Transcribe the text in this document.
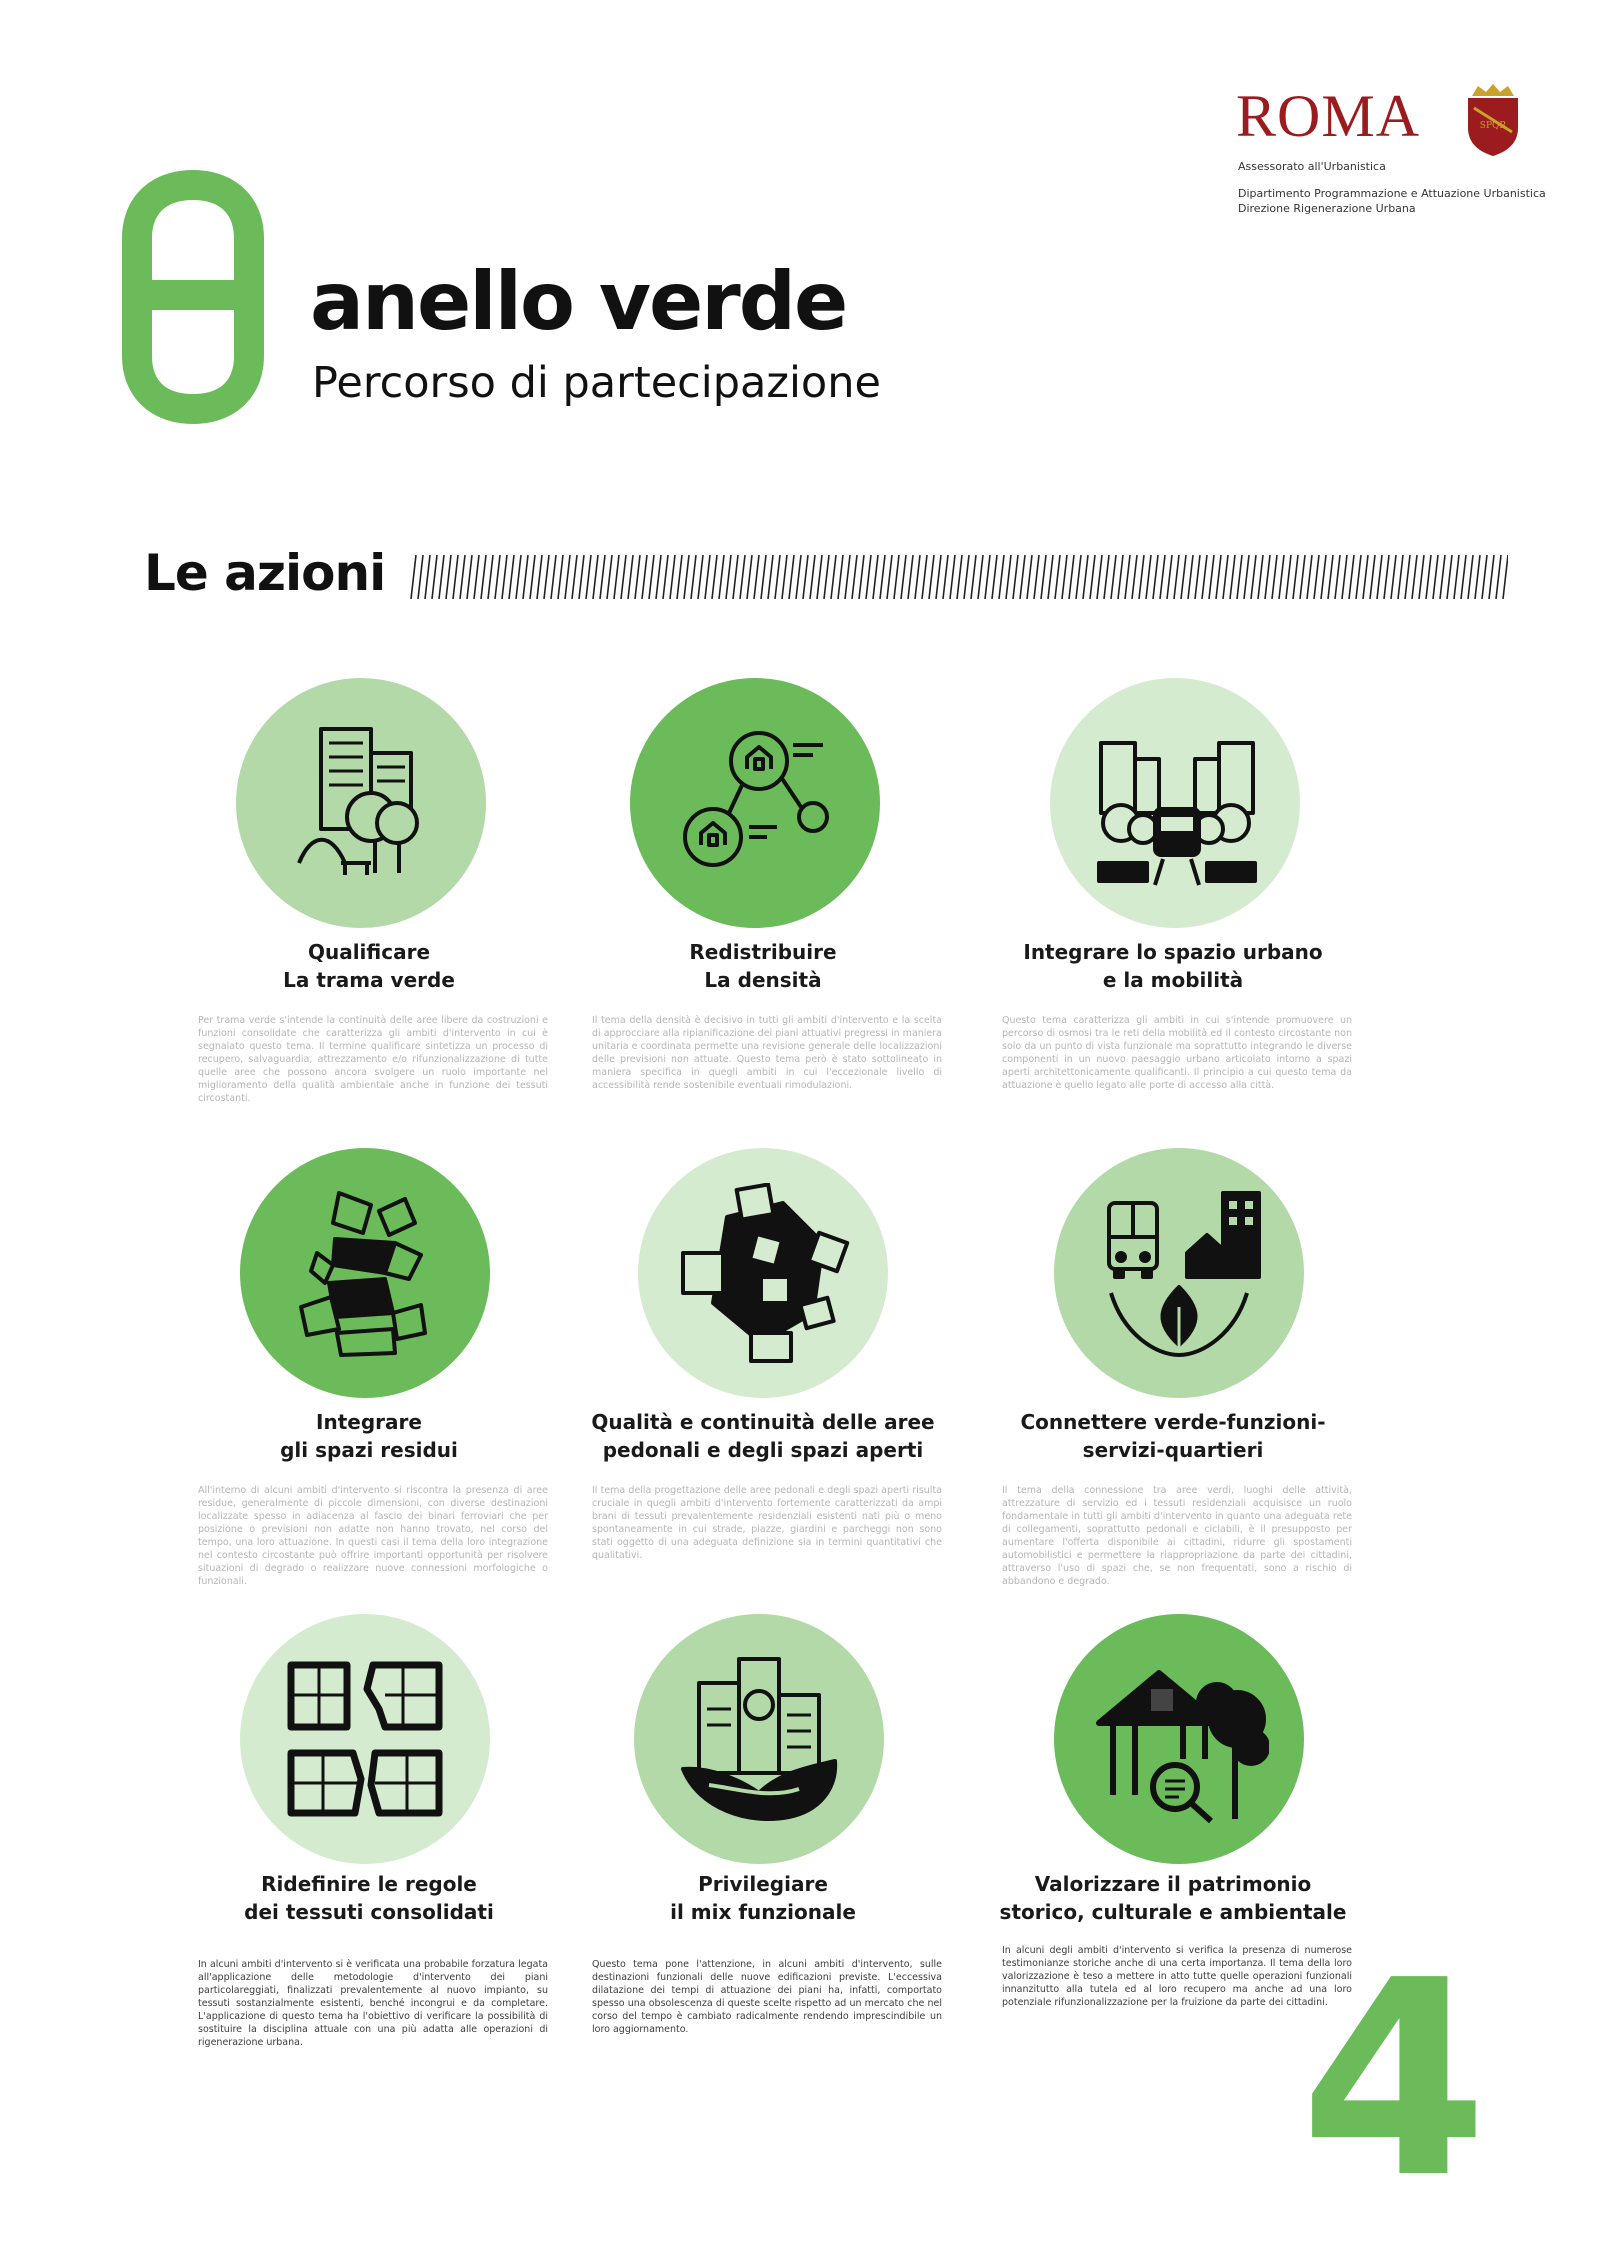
anello verde
Percorso di partecipazione
ROMA	SPQR
Assessorato all'Urbanistica
Dipartimento Programmazione e Attuazione Urbanistica
Direzione Rigenerazione Urbana
Le azioni
Qualificare
La trama verde
Per trama verde s'intende la continuità delle aree libere da costruzioni e funzioni consolidate che caratterizza gli ambiti d'intervento in cui è segnalato questo tema. Il termine qualificare sintetizza un processo di recupero, salvaguardia, attrezzamento e/o rifunzionalizzazione di tutte quelle aree che possono ancora svolgere un ruolo importante nel miglioramento della qualità ambientale anche in funzione dei tessuti circostanti.
Redistribuire
La densità
Il tema della densità è decisivo in tutti gli ambiti d'intervento e la scelta di approcciare alla ripianificazione dei piani attuativi pregressi in maniera unitaria e coordinata permette una revisione generale delle localizzazioni delle previsioni non attuate. Questo tema però è stato sottolineato in maniera specifica in quegli ambiti in cui l'eccezionale livello di accessibilità rende sostenibile eventuali rimodulazioni.
Integrare lo spazio urbano
e la mobilità
Questo tema caratterizza gli ambiti in cui s'intende promuovere un percorso di osmosi tra le reti della mobilità ed il contesto circostante non solo da un punto di vista funzionale ma soprattutto integrando le diverse componenti in un nuovo paesaggio urbano articolato intorno a spazi aperti architettonicamente qualificanti. Il principio a cui questo tema da attuazione è quello legato alle porte di accesso alla città.
Integrare
gli spazi residui
All'interno di alcuni ambiti d'intervento si riscontra la presenza di aree residue, generalmente di piccole dimensioni, con diverse destinazioni localizzate spesso in adiacenza al fascio dei binari ferroviari che per posizione o previsioni non adatte non hanno trovato, nel corso del tempo, una loro attuazione. In questi casi il tema della loro integrazione nel contesto circostante può offrire importanti opportunità per risolvere situazioni di degrado o realizzare nuove connessioni morfologiche o funzionali.
Qualità e continuità delle aree
pedonali e degli spazi aperti
Il tema della progettazione delle aree pedonali e degli spazi aperti risulta cruciale in quegli ambiti d'intervento fortemente caratterizzati da ampi brani di tessuti prevalentemente residenziali esistenti nati più o meno spontaneamente in cui strade, piazze, giardini e parcheggi non sono stati oggetto di una adeguata definizione sia in termini quantitativi che qualitativi.
Connettere verde-funzioni-
servizi-quartieri
Il tema della connessione tra aree verdi, luoghi delle attività, attrezzature di servizio ed i tessuti residenziali acquisisce un ruolo fondamentale in tutti gli ambiti d'intervento in quanto una adeguata rete di collegamenti, soprattutto pedonali e ciclabili, è il presupposto per aumentare l'offerta disponibile ai cittadini, ridurre gli spostamenti automobilistici e permettere la riappropriazione da parte dei cittadini, attraverso l'uso di spazi che, se non frequentati, sono a rischio di abbandono e degrado.
Ridefinire le regole
dei tessuti consolidati
In alcuni ambiti d'intervento si è verificata una probabile forzatura legata all'applicazione delle metodologie d'intervento dei piani particolareggiati, finalizzati prevalentemente al nuovo impianto, su tessuti sostanzialmente esistenti, benché incongrui e da completare. L'applicazione di questo tema ha l'obiettivo di verificare la possibilità di sostituire la disciplina attuale con una più adatta alle operazioni di rigenerazione urbana.
Privilegiare
il mix funzionale
Questo tema pone l'attenzione, in alcuni ambiti d'intervento, sulle destinazioni funzionali delle nuove edificazioni previste. L'eccessiva dilatazione dei tempi di attuazione dei piani ha, infatti, comportato spesso una obsolescenza di queste scelte rispetto ad un mercato che nel corso del tempo è cambiato radicalmente rendendo imprescindibile un loro aggiornamento.
Valorizzare il patrimonio
storico, culturale e ambientale
In alcuni degli ambiti d'intervento si verifica la presenza di numerose testimonianze storiche anche di una certa importanza. Il tema della loro valorizzazione è teso a mettere in atto tutte quelle operazioni funzionali innanzitutto alla tutela ed al loro recupero ma anche ad una loro potenziale rifunzionalizzazione per la fruizione da parte dei cittadini.
4
